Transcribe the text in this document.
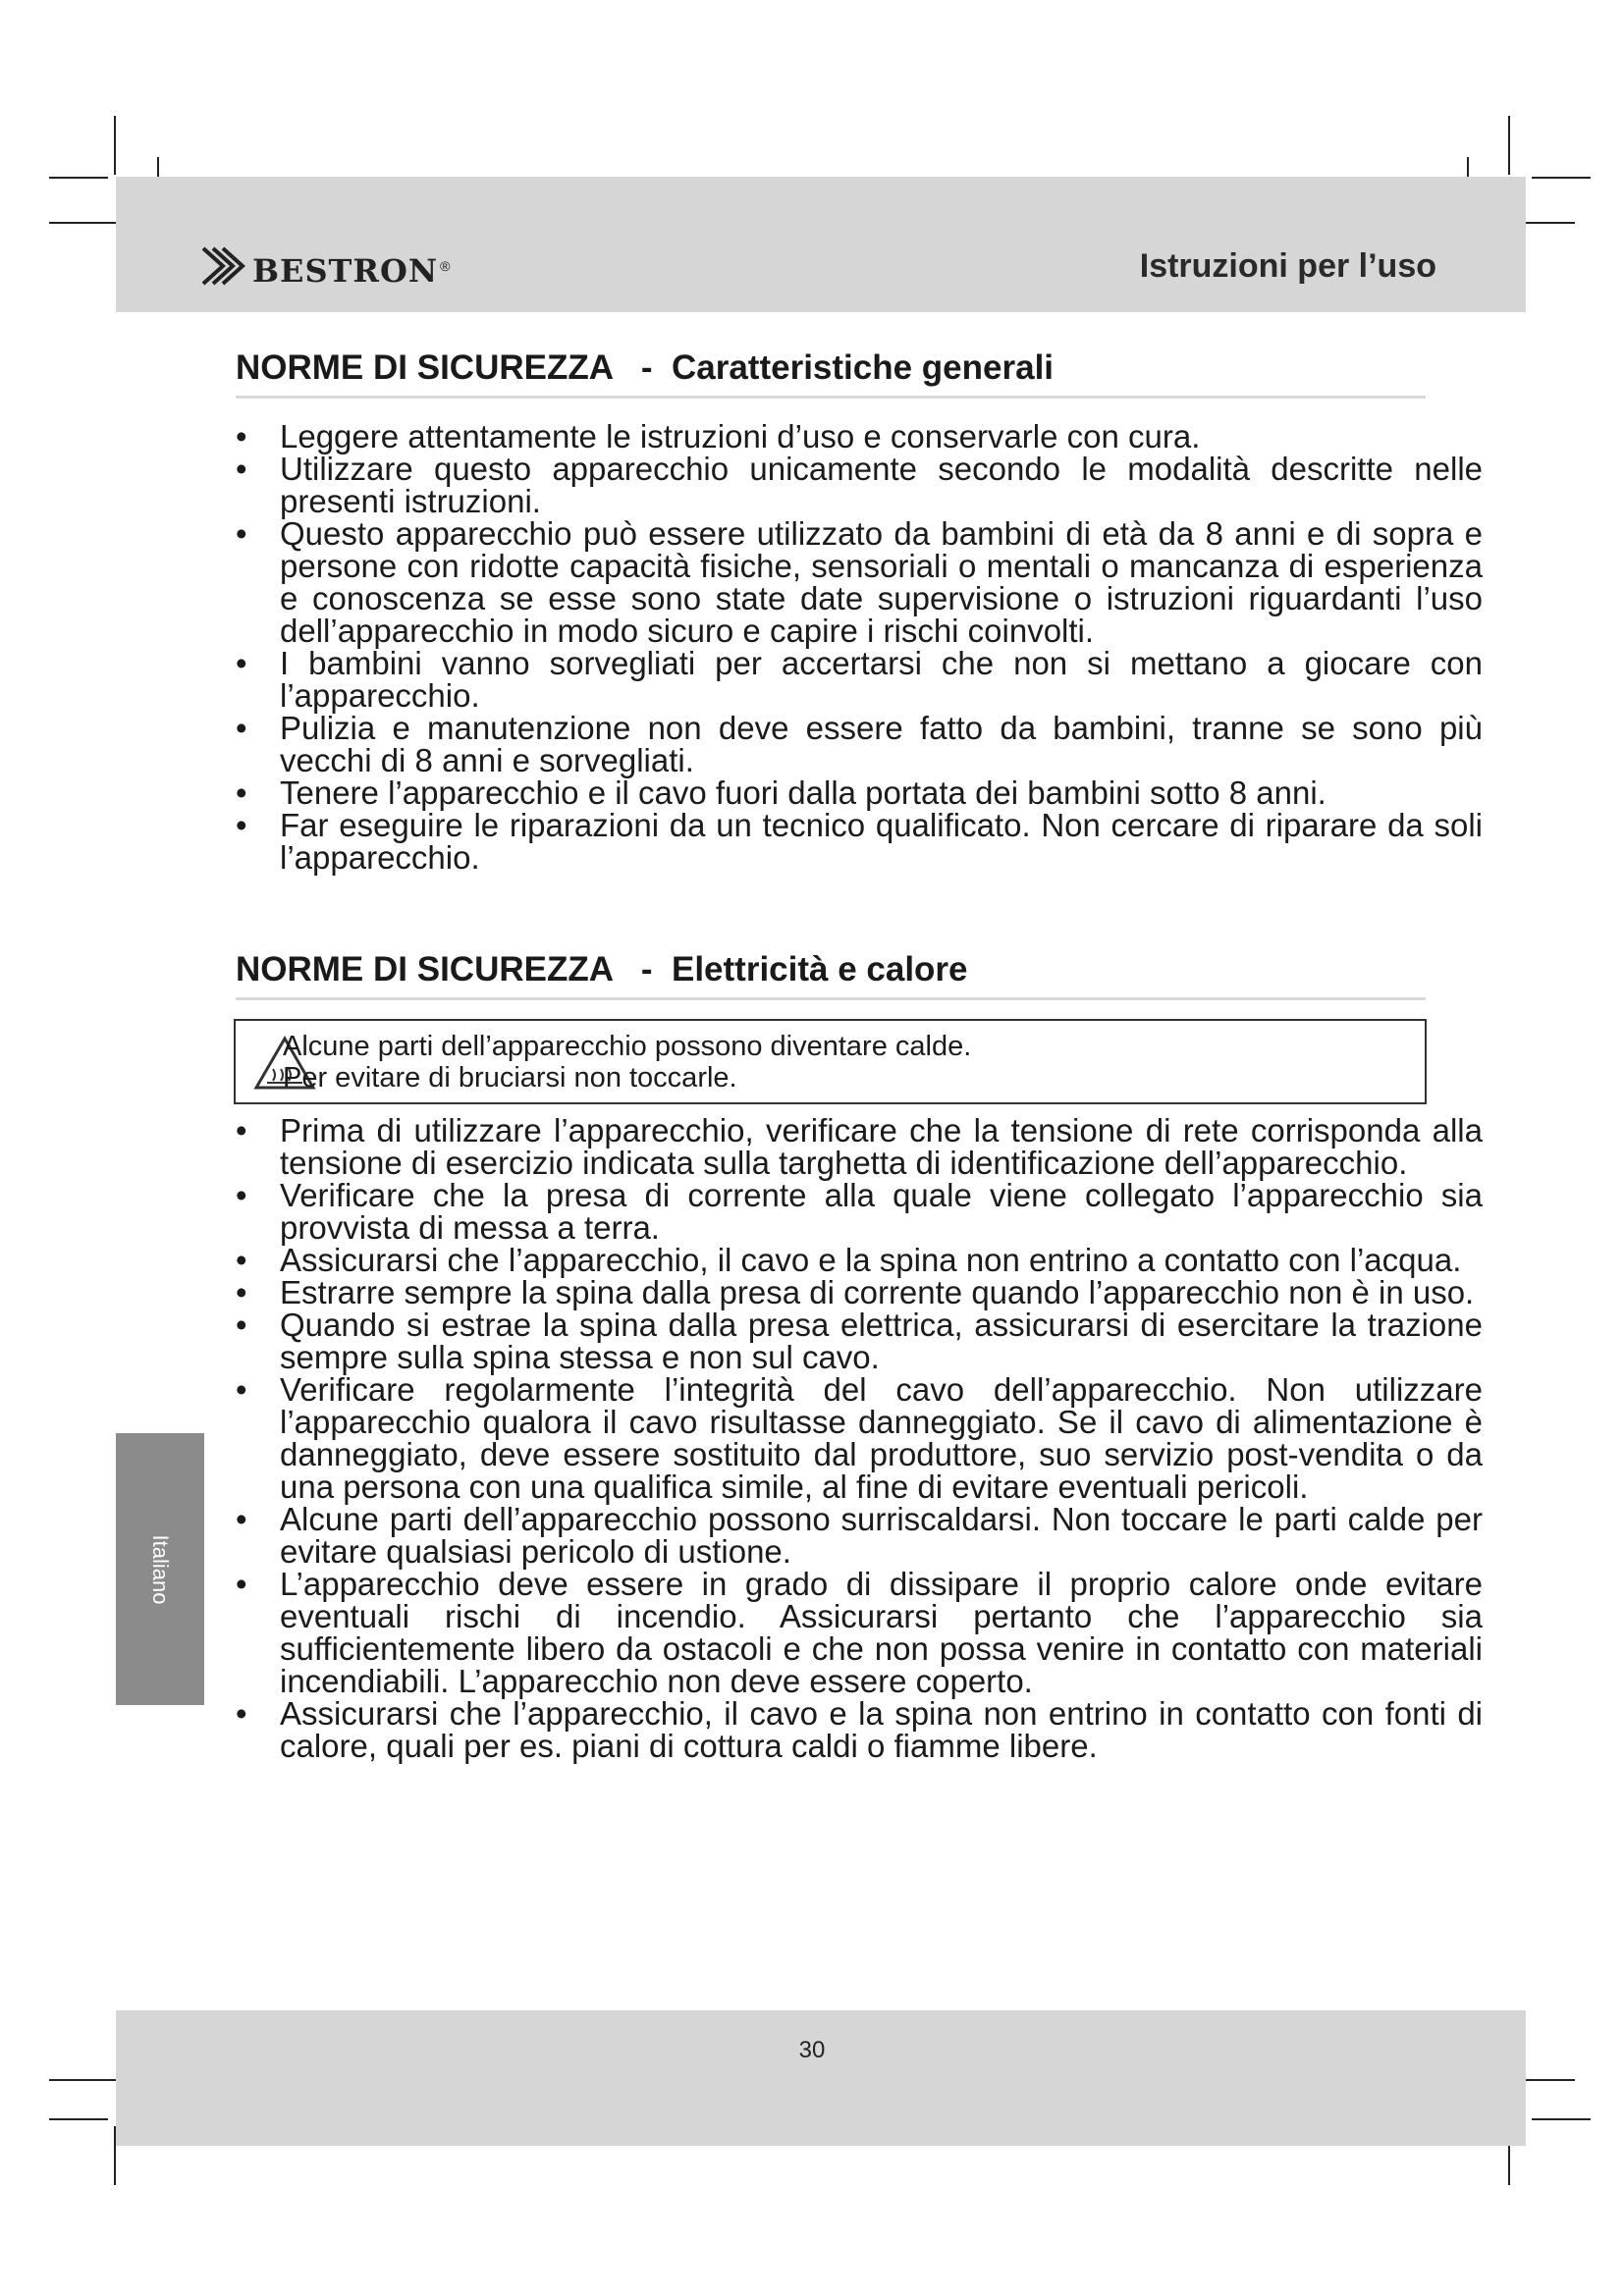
bestron ®	Istruzioni per l’uso
NORME DI SICUREZZA   -  Caratteristiche generali
• Leggere attentamente le istruzioni d’uso e conservarle con cura.
• Utilizzare questo apparecchio unicamente secondo le modalità descritte nelle presenti istruzioni.
• Questo apparecchio può essere utilizzato da bambini di età da 8 anni e di sopra e persone con ridotte capacità fisiche, sensoriali o mentali o mancanza di esperienza e conoscenza se esse sono state date supervisione o istruzioni riguardanti l’uso dell’apparecchio in modo sicuro e capire i rischi coinvolti.
• I bambini vanno sorvegliati per accertarsi che non si mettano a giocare con l’apparecchio.
• Pulizia e manutenzione non deve essere fatto da bambini, tranne se sono più vecchi di 8 anni e sorvegliati.
• Tenere l’apparecchio e il cavo fuori dalla portata dei bambini sotto 8 anni.
• Far eseguire le riparazioni da un tecnico qualificato. Non cercare di riparare da soli l’apparecchio.
NORME DI SICUREZZA   -  Elettricità e calore
Alcune parti dell’apparecchio possono diventare calde.
Per evitare di bruciarsi non toccarle.
• Prima di utilizzare l’apparecchio, verificare che la tensione di rete corrisponda alla tensione di esercizio indicata sulla targhetta di identificazione dell’apparecchio.
• Verificare che la presa di corrente alla quale viene collegato l’apparecchio sia provvista di messa a terra.
• Assicurarsi che l’apparecchio, il cavo e la spina non entrino a contatto con l’acqua.
• Estrarre sempre la spina dalla presa di corrente quando l’apparecchio non è in uso.
• Quando si estrae la spina dalla presa elettrica, assicurarsi di esercitare la trazione sempre sulla spina stessa e non sul cavo.
• Verificare regolarmente l’integrità del cavo dell’apparecchio. Non utilizzare l’apparecchio qualora il cavo risultasse danneggiato. Se il cavo di alimentazione è danneggiato, deve essere sostituito dal produttore, suo servizio post-vendita o da una persona con una qualifica simile, al fine di evitare eventuali pericoli.
• Alcune parti dell’apparecchio possono surriscaldarsi. Non toccare le parti calde per evitare qualsiasi pericolo di ustione.
• L’apparecchio deve essere in grado di dissipare il proprio calore onde evitare eventuali rischi di incendio. Assicurarsi pertanto che l’apparecchio sia sufficientemente libero da ostacoli e che non possa venire in contatto con materiali incendiabili. L’apparecchio non deve essere coperto.
• Assicurarsi che l’apparecchio, il cavo e la spina non entrino in contatto con fonti di calore, quali per es. piani di cottura caldi o fiamme libere.
Italiano
30
